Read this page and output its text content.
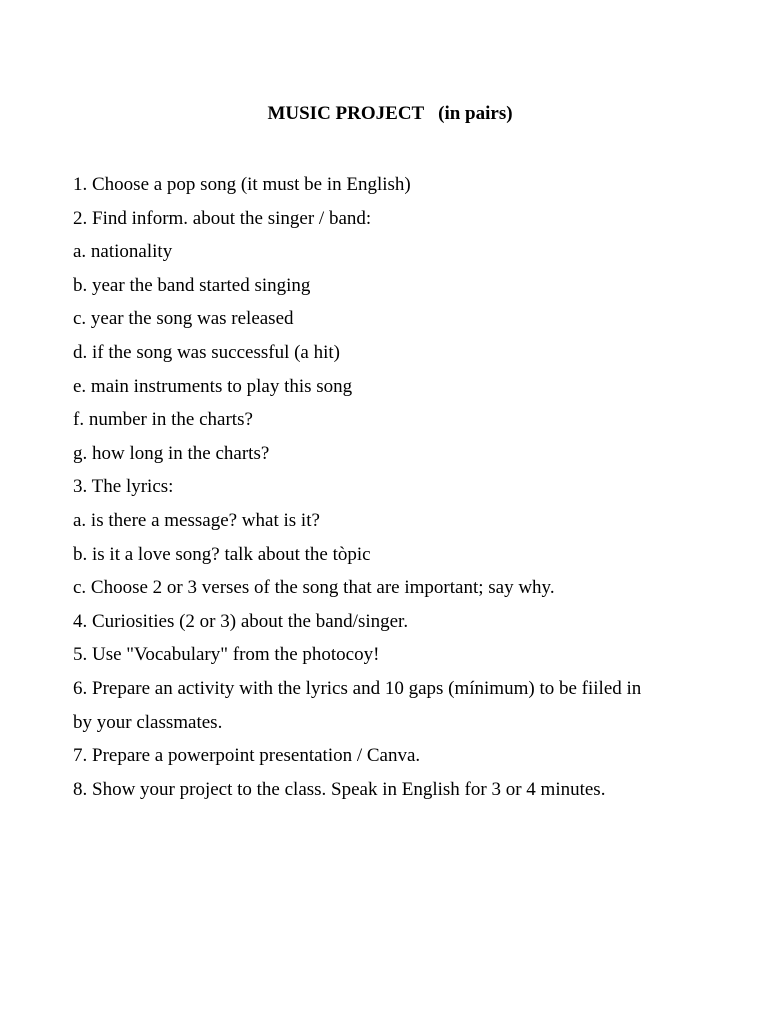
MUSIC PROJECT   (in pairs)
1. Choose a pop song (it must be in English)
2. Find inform. about the singer / band:
a. nationality
b. year the band started singing
c. year the song was released
d. if the song was successful (a hit)
e. main instruments to play this song
f. number in the charts?
g. how long in the charts?
3. The lyrics:
a. is there a message? what is it?
b. is it a love song? talk about the tòpic
c. Choose 2 or 3 verses of the song that are important; say why.
4. Curiosities (2 or 3) about the band/singer.
5. Use "Vocabulary" from the photocoy!
6. Prepare an activity with the lyrics and 10 gaps (mínimum) to be fiiled in
by your classmates.
7. Prepare a powerpoint presentation / Canva.
8. Show your project to the class. Speak in English for 3 or 4 minutes.
